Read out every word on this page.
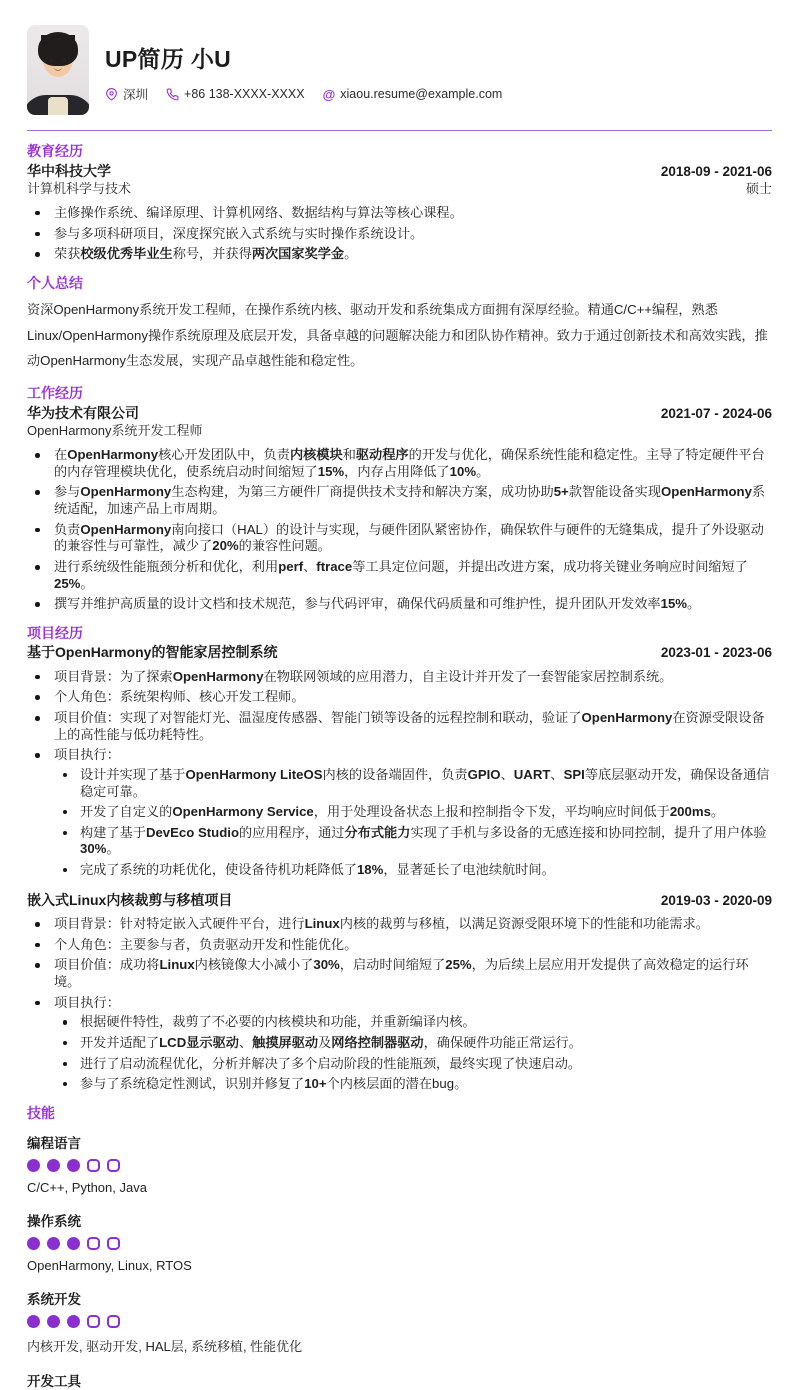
UP简历 小U
深圳	+86 138-XXXX-XXXX @ xiaou.resume@example.com
教育经历
华中科技大学	2018-09 - 2021-06
计算机科学与技术	硕士
主修操作系统、编译原理、计算机网络、数据结构与算法等核心课程。
参与多项科研项目，深度探究嵌入式系统与实时操作系统设计。
荣获校级优秀毕业生称号，并获得两次国家奖学金。
个人总结

资深OpenHarmony系统开发工程师，在操作系统内核、驱动开发和系统集成方面拥有深厚经验。精通C/C++编程，熟悉Linux/OpenHarmony操作系统原理及底层开发，具备卓越的问题解决能力和团队协作精神。致力于通过创新技术和高效实践，推动OpenHarmony生态发展，实现产品卓越性能和稳定性。

工作经历
华为技术有限公司	2021-07 - 2024-06
OpenHarmony系统开发工程师
在OpenHarmony核心开发团队中，负责内核模块和驱动程序的开发与优化，确保系统性能和稳定性。主导了特定硬件平台的内存管理模块优化，使系统启动时间缩短了15%，内存占用降低了10%。
参与OpenHarmony生态构建，为第三方硬件厂商提供技术支持和解决方案，成功协助5+款智能设备实现OpenHarmony系统适配，加速产品上市周期。
负责OpenHarmony南向接口（HAL）的设计与实现，与硬件团队紧密协作，确保软件与硬件的无缝集成，提升了外设驱动的兼容性与可靠性，减少了20%的兼容性问题。
进行系统级性能瓶颈分析和优化，利用perf、ftrace等工具定位问题，并提出改进方案，成功将关键业务响应时间缩短了25%。
撰写并维护高质量的设计文档和技术规范，参与代码评审，确保代码质量和可维护性，提升团队开发效率15%。
项目经历
基于OpenHarmony的智能家居控制系统	2023-01 - 2023-06
项目背景：为了探索OpenHarmony在物联网领域的应用潜力，自主设计并开发了一套智能家居控制系统。
个人角色：系统架构师、核心开发工程师。
项目价值：实现了对智能灯光、温湿度传感器、智能门锁等设备的远程控制和联动，验证了OpenHarmony在资源受限设备上的高性能与低功耗特性。
项目执行：
设计并实现了基于OpenHarmony LiteOS内核的设备端固件，负责GPIO、UART、SPI等底层驱动开发，确保设备通信稳定可靠。
开发了自定义的OpenHarmony Service，用于处理设备状态上报和控制指令下发，平均响应时间低于200ms。
构建了基于DevEco Studio的应用程序，通过分布式能力实现了手机与多设备的无感连接和协同控制，提升了用户体验30%。
完成了系统的功耗优化，使设备待机功耗降低了18%，显著延长了电池续航时间。
嵌入式Linux内核裁剪与移植项目	2019-03 - 2020-09
项目背景：针对特定嵌入式硬件平台，进行Linux内核的裁剪与移植，以满足资源受限环境下的性能和功能需求。
个人角色：主要参与者，负责驱动开发和性能优化。
项目价值：成功将Linux内核镜像大小减小了30%，启动时间缩短了25%，为后续上层应用开发提供了高效稳定的运行环境。
项目执行：
根据硬件特性，裁剪了不必要的内核模块和功能，并重新编译内核。
开发并适配了LCD显示驱动、触摸屏驱动及网络控制器驱动，确保硬件功能正常运行。
进行了启动流程优化，分析并解决了多个启动阶段的性能瓶颈，最终实现了快速启动。
参与了系统稳定性测试，识别并修复了10+个内核层面的潜在bug。
技能
编程语言

C/C++, Python, Java

操作系统

OpenHarmony, Linux, RTOS

系统开发

内核开发, 驱动开发, HAL层, 系统移植, 性能优化

开发工具
